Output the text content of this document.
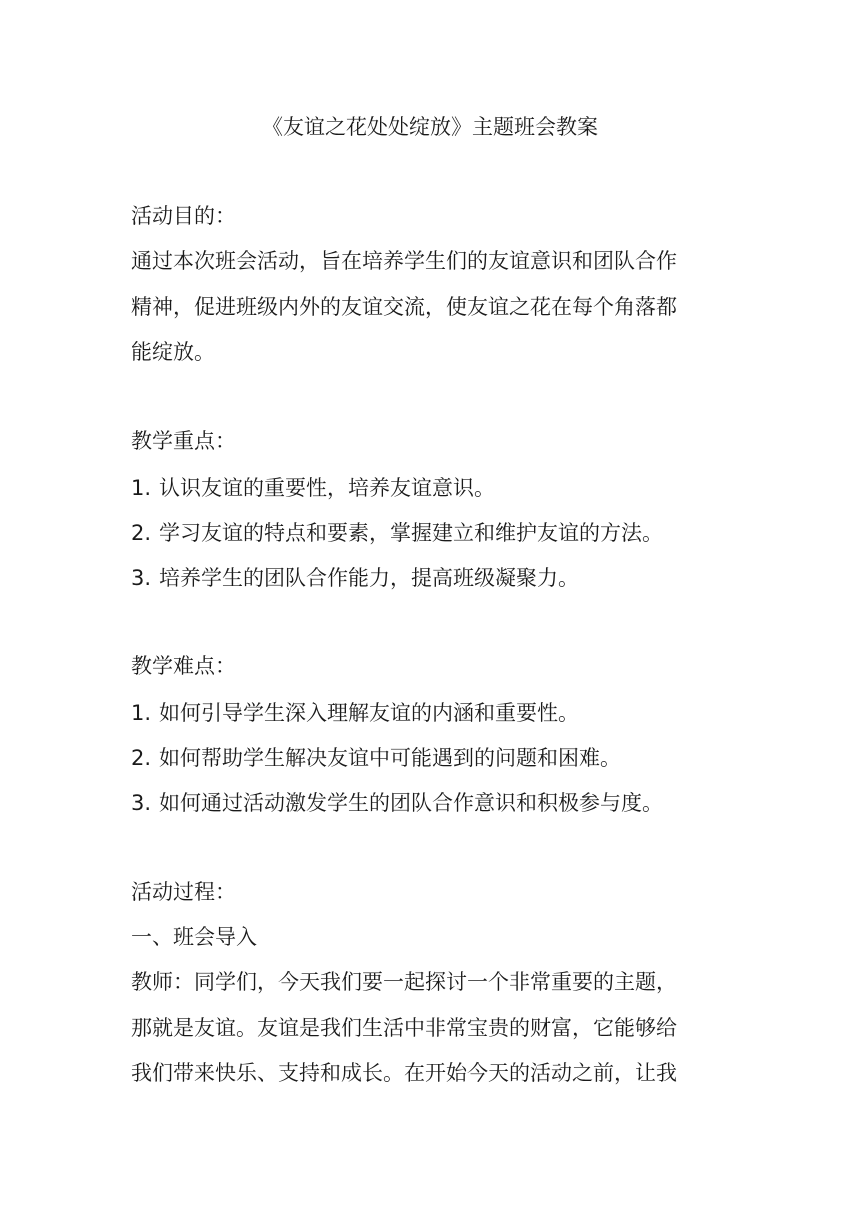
《友谊之花处处绽放》主题班会教案
活动目的：
通过本次班会活动，旨在培养学生们的友谊意识和团队合作
精神，促进班级内外的友谊交流，使友谊之花在每个角落都
能绽放。
教学重点：
1. 认识友谊的重要性，培养友谊意识。
2. 学习友谊的特点和要素，掌握建立和维护友谊的方法。
3. 培养学生的团队合作能力，提高班级凝聚力。
教学难点：
1. 如何引导学生深入理解友谊的内涵和重要性。
2. 如何帮助学生解决友谊中可能遇到的问题和困难。
3. 如何通过活动激发学生的团队合作意识和积极参与度。
活动过程：
一、班会导入
教师：同学们，今天我们要一起探讨一个非常重要的主题，
那就是友谊。友谊是我们生活中非常宝贵的财富，它能够给
我们带来快乐、支持和成长。在开始今天的活动之前，让我
